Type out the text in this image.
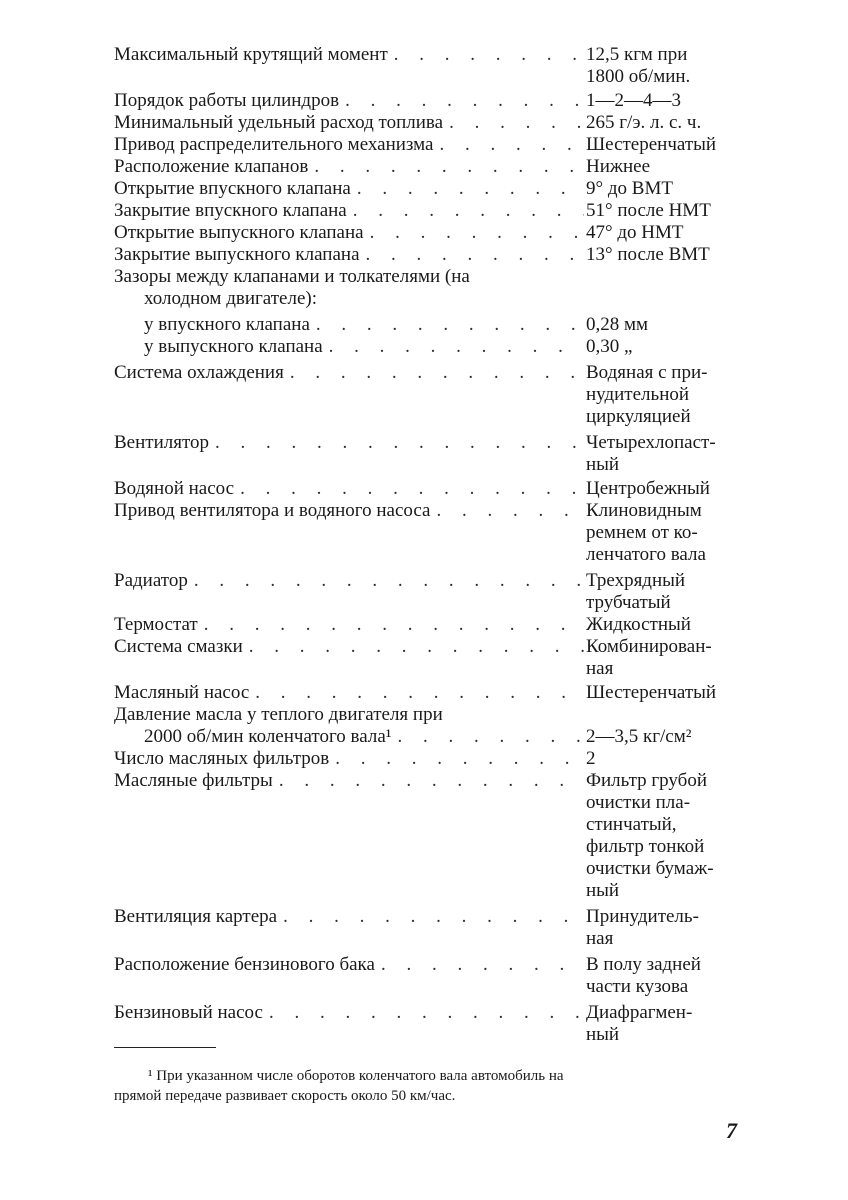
Максимальный крутящий момент . . .	12,5 кгм при
1800 об/мин.
Порядок работы цилиндров . . .	1—2—4—3
Минимальный удельный расход топлива . . .	265 г/э. л. с. ч.
Привод распределительного механизма . . .	Шестеренчатый
Расположение клапанов . . .	Нижнее
Открытие впускного клапана . . .	9° до ВМТ
Закрытие впускного клапана . . .	51° после НМТ
Открытие выпускного клапана . . .	47° до НМТ
Закрытие выпускного клапана . . .	13° после ВМТ
Зазоры между клапанами и толкателями (на
холодном двигателе):
у впускного клапана . . .	0,28 мм
у выпускного клапана . . .	0,30 „
Система охлаждения . . .	Водяная с при-
нудительной
циркуляцией
Вентилятор . . .	Четырехлопаст-
ный
Водяной насос . . .	Центробежный
Привод вентилятора и водяного насоса . . .	Клиновидным
ремнем от ко-
ленчатого вала
Радиатор . . .	Трехрядный
трубчатый
Термостат . . .	Жидкостный
Система смазки . . .	Комбинирован-
ная
Масляный насос . . .	Шестеренчатый
Давление масла у теплого двигателя при
2000 об/мин коленчатого вала¹ . . .	2—3,5 кг/см²
Число масляных фильтров . . .	2
Масляные фильтры . . .	Фильтр грубой
очистки пла-
стинчатый,
фильтр тонкой
очистки бумаж-
ный
Вентиляция картера . . .	Принудитель-
ная
Расположение бензинового бака . . .	В полу задней
части кузова
Бензиновый насос . . .	Диафрагмен-
ный
¹ При указанном числе оборотов коленчатого вала автомобиль на
прямой передаче развивает скорость около 50 км/час.
7
